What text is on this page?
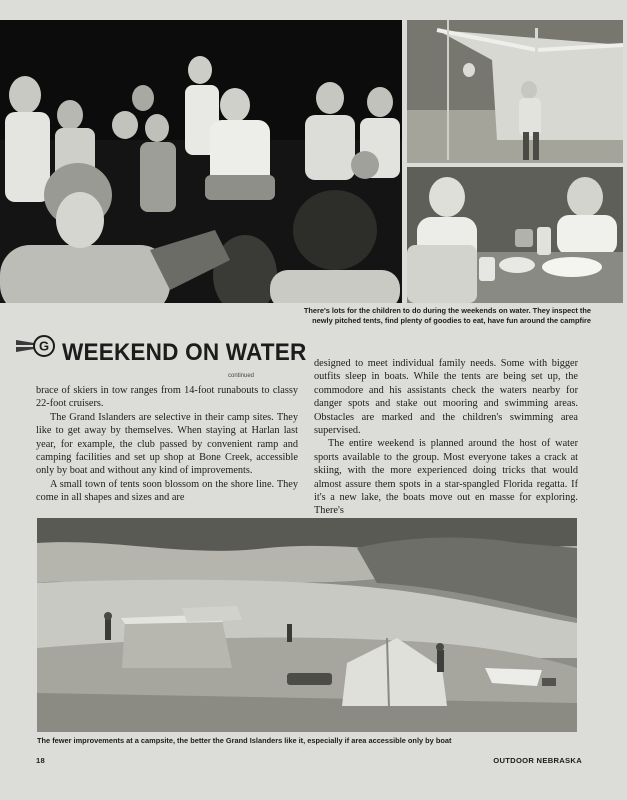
There's lots for the children to do during the weekends on water. They inspect the
newly pitched tents, find plenty of goodies to eat, have fun around the campfire
G WEEKEND ON WATER
continued

brace of skiers in tow ranges from 14-foot runabouts to classy 22-foot cruisers.

The Grand Islanders are selective in their camp sites. They like to get away by themselves. When staying at Harlan last year, for example, the club passed by convenient ramp and camping facilities and set up shop at Bone Creek, accessible only by boat and without any kind of improvements.

A small town of tents soon blossom on the shore line. They come in all shapes and sizes and are

designed to meet individual family needs. Some with bigger outfits sleep in boats. While the tents are being set up, the commodore and his assistants check the waters nearby for danger spots and stake out mooring and swimming areas. Obstacles are marked and the children's swimming area supervised.

The entire weekend is planned around the host of water sports available to the group. Most everyone takes a crack at skiing, with the more experienced doing tricks that would almost assure them spots in a star-spangled Florida regatta. If it's a new lake, the boats move out en masse for exploring. There's

The fewer improvements at a campsite, the better the Grand Islanders like it, especially if area accessible only by boat
18	OUTDOOR NEBRASKA
